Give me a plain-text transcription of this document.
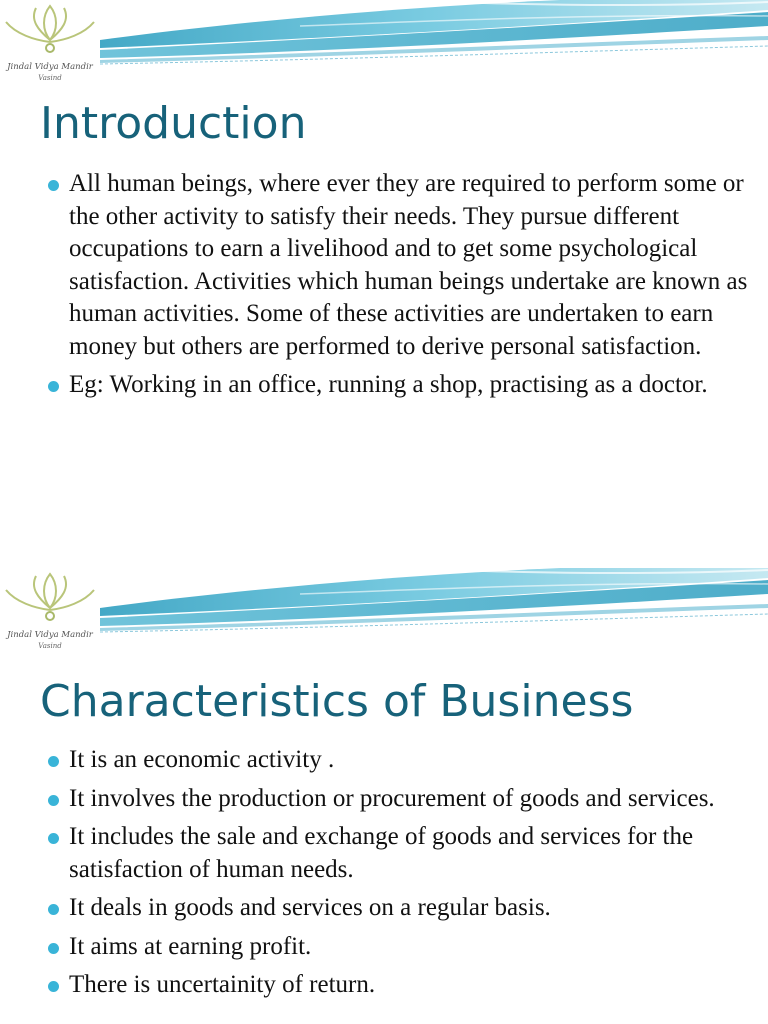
Jindal Vidya Mandir
Vasind
Introduction
All human beings, where ever they are required to perform some or the other activity to satisfy their needs. They pursue different occupations to earn a livelihood and to get some psychological satisfaction. Activities which human beings undertake are known as human activities. Some of these activities are undertaken to earn money but others are performed to derive personal satisfaction.
Eg: Working in an office, running a shop, practising as a doctor.
Jindal Vidya Mandir
Vasind
Characteristics of Business
It is an economic activity .
It involves the production or procurement of goods and services.
It includes the sale and exchange of goods and services for the satisfaction of human needs.
It deals in goods and services on a regular basis.
It aims at earning profit.
There is uncertainity of return.
